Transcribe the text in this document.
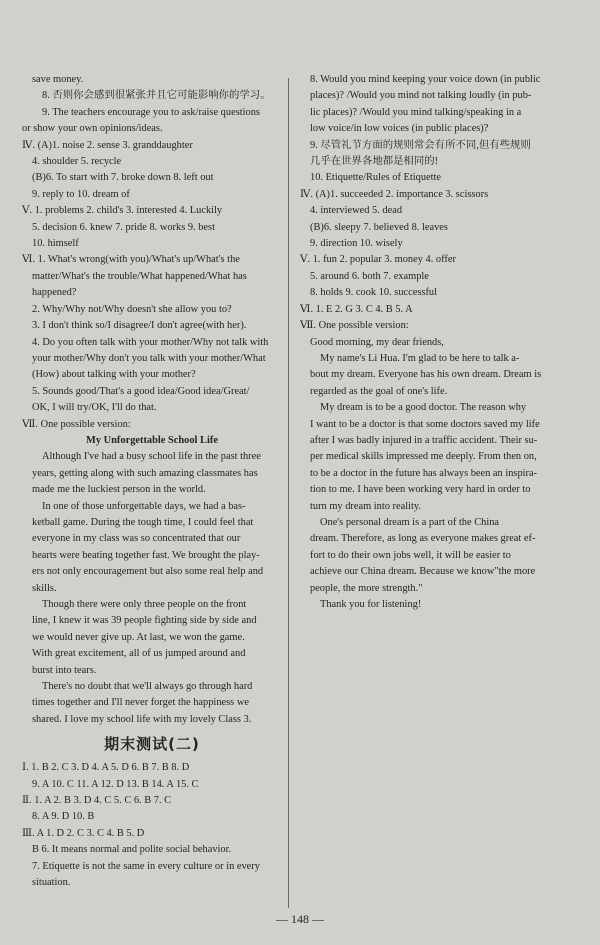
save money.
8. 否则你会感到很紧张并且它可能影响你的学习。
9. The teachers encourage you to ask/raise questions
or show your own opinions/ideas.
Ⅳ. (A)1. noise 2. sense 3. granddaughter
4. shoulder 5. recycle
(B)6. To start with 7. broke down 8. left out
9. reply to 10. dream of
Ⅴ. 1. problems 2. child's 3. interested 4. Luckily
5. decision 6. knew 7. pride 8. works 9. best
10. himself
Ⅵ. 1. What's wrong(with you)/What's up/What's the
matter/What's the trouble/What happened/What has
happened?
2. Why/Why not/Why doesn't she allow you to?
3. I don't think so/I disagree/I don't agree(with her).
4. Do you often talk with your mother/Why not talk with
your mother/Why don't you talk with your mother/What
(How) about talking with your mother?
5. Sounds good/That's a good idea/Good idea/Great/
OK, I will try/OK, I'll do that.
Ⅶ. One possible version:
My Unforgettable School Life
Although I've had a busy school life in the past three
years, getting along with such amazing classmates has
made me the luckiest person in the world.
In one of those unforgettable days, we had a bas-
ketball game. During the tough time, I could feel that
everyone in my class was so concentrated that our
hearts were beating together fast. We brought the play-
ers not only encouragement but also some real help and
skills.
Though there were only three people on the front
line, I knew it was 39 people fighting side by side and
we would never give up. At last, we won the game.
With great excitement, all of us jumped around and
burst into tears.
There's no doubt that we'll always go through hard
times together and I'll never forget the happiness we
shared. I love my school life with my lovely Class 3.
期末测试(二)
Ⅰ. 1. B 2. C 3. D 4. A 5. D 6. B 7. B 8. D
9. A 10. C 11. A 12. D 13. B 14. A 15. C
Ⅱ. 1. A 2. B 3. D 4. C 5. C 6. B 7. C
8. A 9. D 10. B
Ⅲ. A 1. D 2. C 3. C 4. B 5. D
B 6. It means normal and polite social behavior.
7. Etiquette is not the same in every culture or in every
situation.
8. Would you mind keeping your voice down (in public
places)? /Would you mind not talking loudly (in pub-
lic places)? /Would you mind talking/speaking in a
low voice/in low voices (in public places)?
9. 尽管礼节方面的规则常会有所不同,但有些规则
几乎在世界各地都是相同的!
10. Etiquette/Rules of Etiquette
Ⅳ. (A)1. succeeded 2. importance 3. scissors
4. interviewed 5. dead
(B)6. sleepy 7. believed 8. leaves
9. direction 10. wisely
Ⅴ. 1. fun 2. popular 3. money 4. offer
5. around 6. both 7. example
8. holds 9. cook 10. successful
Ⅵ. 1. E 2. G 3. C 4. B 5. A
Ⅶ. One possible version:
Good morning, my dear friends,
My name's Li Hua. I'm glad to be here to talk a-
bout my dream. Everyone has his own dream. Dream is
regarded as the goal of one's life.
My dream is to be a good doctor. The reason why
I want to be a doctor is that some doctors saved my life
after I was badly injured in a traffic accident. Their su-
per medical skills impressed me deeply. From then on,
to be a doctor in the future has always been an inspira-
tion to me. I have been working very hard in order to
turn my dream into reality.
One's personal dream is a part of the China
dream. Therefore, as long as everyone makes great ef-
fort to do their own jobs well, it will be easier to
achieve our China dream. Because we know"the more
people, the more strength."
Thank you for listening!
— 148 —
